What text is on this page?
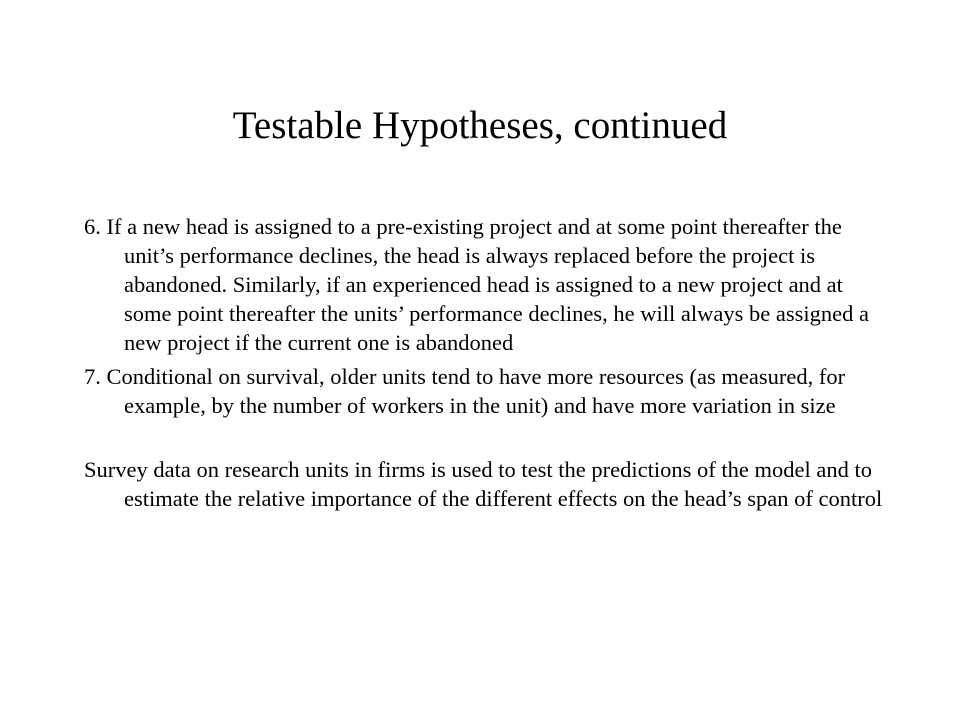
Testable Hypotheses, continued

6. If a new head is assigned to a pre-existing project and at some point thereafter the unit’s performance declines, the head is always replaced before the project is abandoned. Similarly, if an experienced head is assigned to a new project and at some point thereafter the units’ performance declines, he will always be assigned a new project if the current one is abandoned

7. Conditional on survival, older units tend to have more resources (as measured, for example, by the number of workers in the unit) and have more variation in size

Survey data on research units in firms is used to test the predictions of the model and to estimate the relative importance of the different effects on the head’s span of control
